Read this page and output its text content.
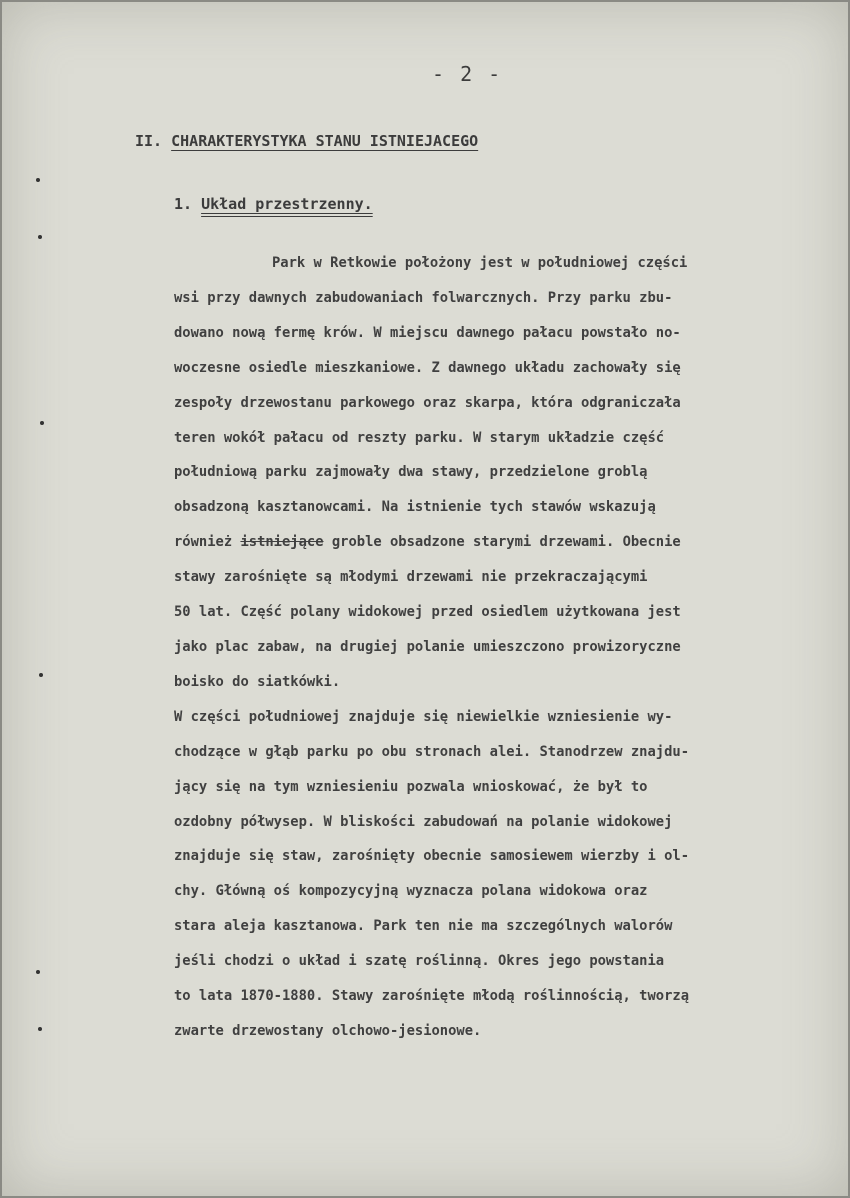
- 2 -
II. CHARAKTERYSTYKA STANU ISTNIEJACEGO
1. Układ przestrzenny.
Park w Retkowie położony jest w południowej części
wsi przy dawnych zabudowaniach folwarcznych. Przy parku zbu-
dowano nową fermę krów. W miejscu dawnego pałacu powstało no-
woczesne osiedle mieszkaniowe. Z dawnego układu zachowały się
zespoły drzewostanu parkowego oraz skarpa, która odgraniczała
teren wokół pałacu od reszty parku. W starym układzie część
południową parku zajmowały dwa stawy, przedzielone groblą
obsadzoną kasztanowcami. Na istnienie tych stawów wskazują
również istniejące groble obsadzone starymi drzewami. Obecnie
stawy zarośnięte są młodymi drzewami nie przekraczającymi
50 lat. Część polany widokowej przed osiedlem użytkowana jest
jako plac zabaw, na drugiej polanie umieszczono prowizoryczne
boisko do siatkówki.
W części południowej znajduje się niewielkie wzniesienie wy-
chodzące w głąb parku po obu stronach alei. Stanodrzew znajdu-
jący się na tym wzniesieniu pozwala wnioskować, że był to
ozdobny półwysep. W bliskości zabudowań na polanie widokowej
znajduje się staw, zarośnięty obecnie samosiewem wierzby i ol-
chy. Główną oś kompozycyjną wyznacza polana widokowa oraz
stara aleja kasztanowa. Park ten nie ma szczególnych walorów
jeśli chodzi o układ i szatę roślinną. Okres jego powstania
to lata 1870-1880. Stawy zarośnięte młodą roślinnością, tworzą
zwarte drzewostany olchowo-jesionowe.
